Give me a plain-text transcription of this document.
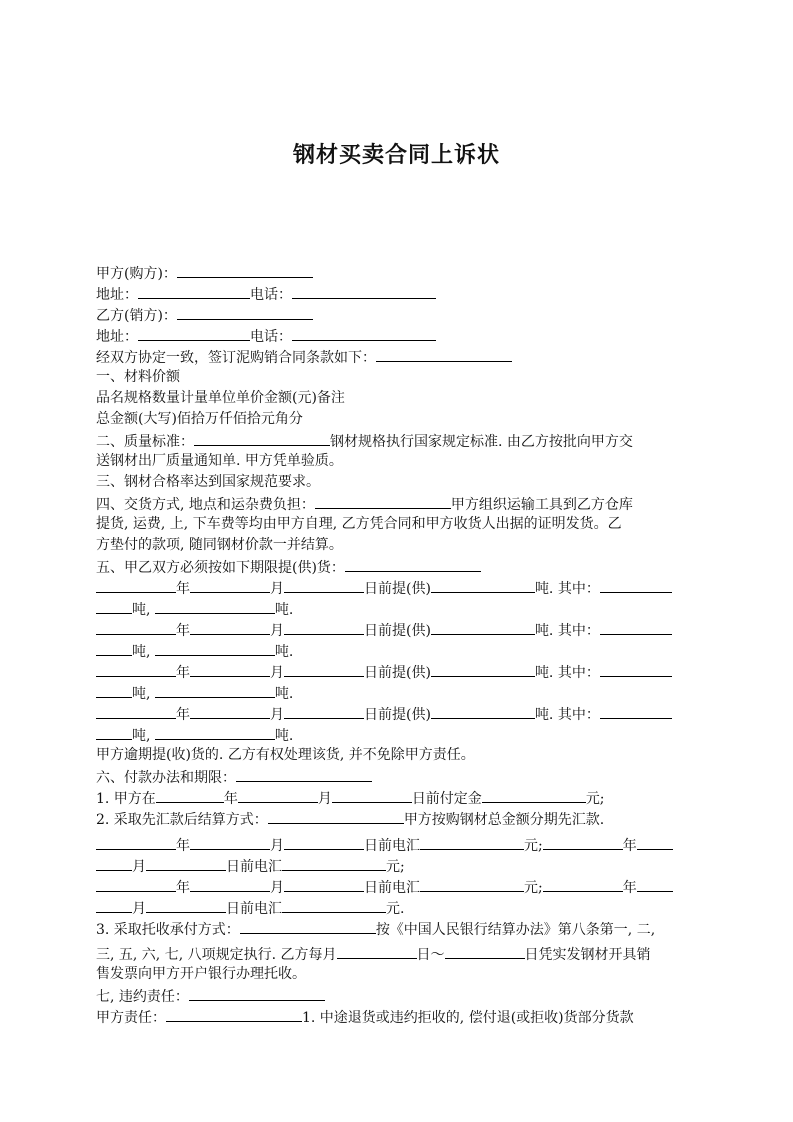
钢材买卖合同上诉状
甲方(购方)：
地址：	电话：
乙方(销方)：
地址：	电话：
经双方协定一致，签订泥购销合同条款如下：
一、材料价额
品名规格数量计量单位单价金额(元)备注
总金额(大写)佰拾万仟佰拾元角分
二、质量标准：	钢材规格执行国家规定标准. 由乙方按批向甲方交
送钢材出厂质量通知单. 甲方凭单验质。
三、钢材合格率达到国家规范要求。
四、交货方式, 地点和运杂费负担：	甲方组织运输工具到乙方仓库
提货, 运费, 上, 下车费等均由甲方自理, 乙方凭合同和甲方收货人出据的证明发货。乙
方垫付的款项, 随同钢材价款一并结算。
五、甲乙双方必须按如下期限提(供)货：
年	月	日前提(供)	吨. 其中：
吨,	吨.
年	月	日前提(供)	吨. 其中：
吨,	吨.
年	月	日前提(供)	吨. 其中：
吨,	吨.
年	月	日前提(供)	吨. 其中：
吨,	吨.
甲方逾期提(收)货的. 乙方有权处理该货, 并不免除甲方责任。
六、付款办法和期限：
1. 甲方在	年	月	日前付定金	元;
2. 采取先汇款后结算方式：	甲方按购钢材总金额分期先汇款.
年	月	日前电汇	元;	年
月	日前电汇	元;
年	月	日前电汇	元;	年
月	日前电汇	元.
3. 采取托收承付方式：	按《中国人民银行结算办法》第八条第一, 二,
三, 五, 六, 七, 八项规定执行. 乙方每月	日～	日凭实发钢材开具销
售发票向甲方开户银行办理托收。
七, 违约责任：
甲方责任：	1. 中途退货或违约拒收的, 偿付退(或拒收)货部分货款
